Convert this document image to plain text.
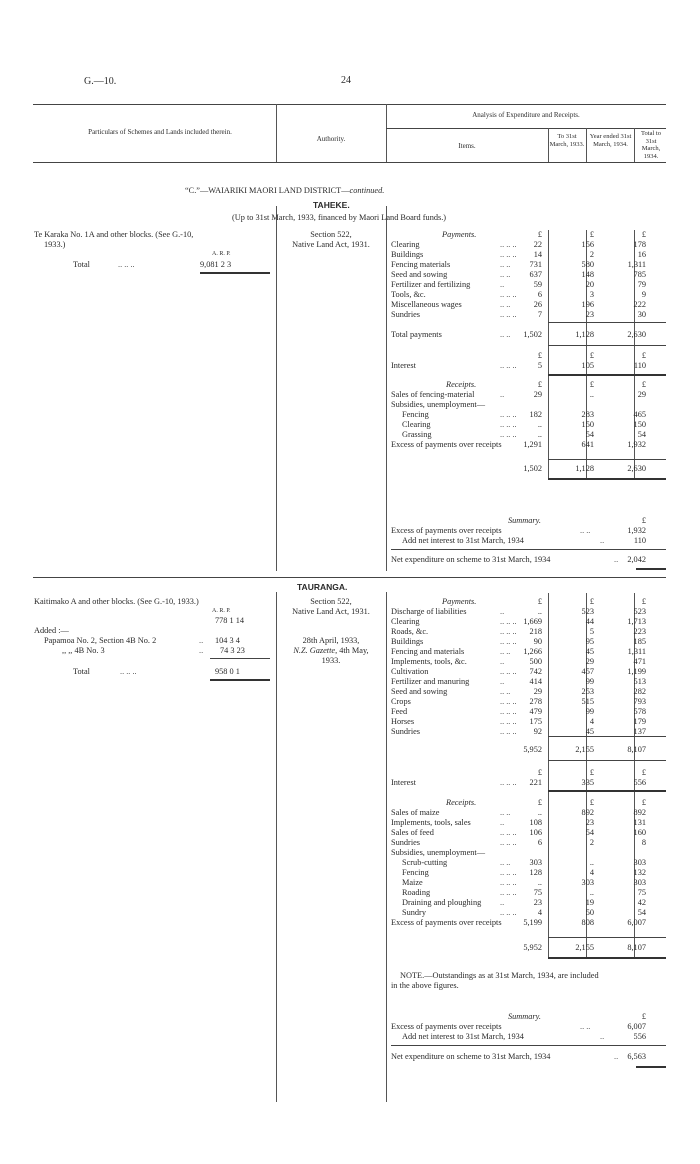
G.—10.	24
Particulars of Schemes and Lands included therein.
Authority.
Analysis of Expenditure and Receipts.
Items.
To 31st March, 1933.
Year ended 31st March, 1934.
Total to 31st March, 1934.
“C.”—WAIARIKI MAORI LAND DISTRICT—continued.
TAHEKE.
(Up to 31st March, 1933, financed by Maori Land Board funds.)
Te Karaka No. 1A and other blocks. (See G.-10,
1933.)
A. R. P.
Total	.. .. ..	9,081 2 3
Section 522,
Native Land Act, 1931.
Payments.	£	£	£
Clearing	.. .. .. 22	156	178
Buildings	.. .. .. 14	2	16
Fencing materials	.. .. 731	580	1,311
Seed and sowing	.. .. 637	148	785
Fertilizer and fertilizing	..	59	20	79
Tools, &c.	.. .. ..	6	3	9
Miscellaneous wages	.. ..	26	196	222
Sundries	.. .. ..	7	23	30
Total payments	.. .. 1,502	1,128	2,630
£	£	£
Interest	.. .. ..	5	105	110
Receipts.	£	£	£
Sales of fencing-material	..	29	..	29
Subsidies, unemployment—
Fencing	.. .. .. 182	283	465
Clearing	.. .. ..	..	150	150
Grassing	.. .. ..	..	54	54
Excess of payments over receipts	1,291	641	1,932
1,502	1,128	2,630
Summary.	£
Excess of payments over receipts	.. ..	1,932
Add net interest to 31st March, 1934	..	110
Net expenditure on scheme to 31st March, 1934	.. 2,042
TAURANGA.
Kaitimako A and other blocks. (See G.-10, 1933.)
A. R. P.
778 1 14
Added :—
Papamoa No. 2, Section 4B No. 2	.. 104 3 4
,, ,, 4B No. 3	.. 74 3 23
Total	.. .. ..	958 0 1
Section 522,
Native Land Act, 1931.
28th April, 1933,
N.Z. Gazette, 4th May,
1933.
Payments.	£	£	£
Discharge of liabilities	..	..	523	523
Clearing	.. .. .. 1,669	44	1,713
Roads, &c.	.. .. .. 218	5	223
Buildings	.. .. .. 90	95	185
Fencing and materials	.. .. 1,266	45	1,311
Implements, tools, &c.	..	500	29	471
Cultivation	.. .. .. 742	457	1,199
Fertilizer and manuring	..	414	99	513
Seed and sowing	.. ..	29	253	282
Crops	.. .. .. 278	515	793
Feed	.. .. .. 479	99	578
Horses	.. .. .. 175	4	179
Sundries	.. .. .. 92	45	137
5,952	2,155	8,107
£	£	£
Interest	.. .. .. 221	335	556
Receipts.	£	£	£
Sales of maize	.. ..	..	892	892
Implements, tools, sales	..	108	23	131
Sales of feed	.. .. .. 106	54	160
Sundries	.. .. ..	6	2	8
Subsidies, unemployment—
Scrub-cutting	.. .. 303	..	303
Fencing	.. .. .. 128	4	132
Maize	.. .. ..	..	303	303
Roading	.. .. .. 75	..	75
Draining and ploughing ..	23	19	42
Sundry	.. .. ..	4	50	54
Excess of payments over receipts	5,199	808	6,007
5,952	2,155	8,107
NOTE.—Outstandings as at 31st March, 1934, are included
in the above figures.
Summary.	£
Excess of payments over receipts	.. ..	6,007
Add net interest to 31st March, 1934	..	556
Net expenditure on scheme to 31st March, 1934	.. 6,563
